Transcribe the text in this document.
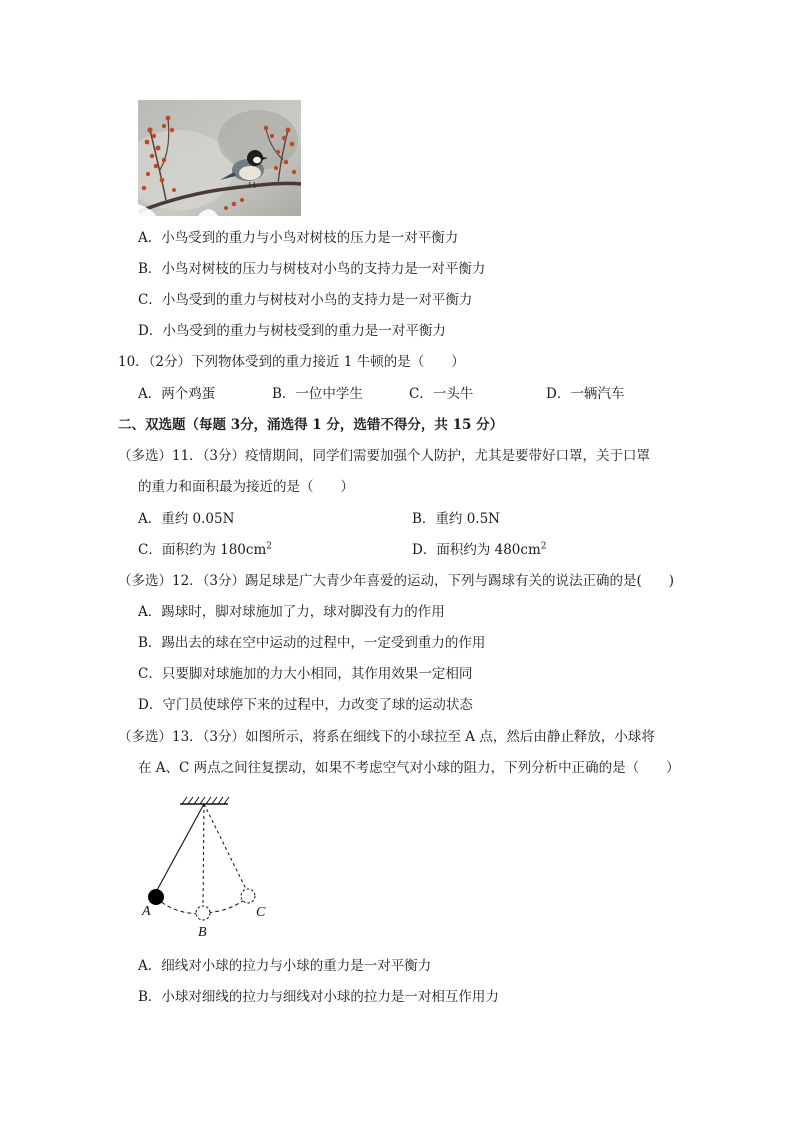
A．小鸟受到的重力与小鸟对树枝的压力是一对平衡力
B．小鸟对树枝的压力与树枝对小鸟的支持力是一对平衡力
C．小鸟受到的重力与树枝对小鸟的支持力是一对平衡力
D．小鸟受到的重力与树枝受到的重力是一对平衡力
10．（2分）下列物体受到的重力接近 1 牛顿的是（　　）
A．两个鸡蛋	B．一位中学生	C．一头牛	D．一辆汽车
二、双选题（每题 3分，涌选得 1 分，选错不得分，共 15 分）
（多选）11．（3分）疫情期间，同学们需要加强个人防护，尤其是要带好口罩，关于口罩
的重力和面积最为接近的是（　　）
A．重约 0.05N	B．重约 0.5N
C．面积约为 $180cm^2$	D．面积约为 $480cm^2$
（多选）12．（3分）踢足球是广大青少年喜爱的运动，下列与踢球有关的说法正确的是(　　)
A．踢球时，脚对球施加了力，球对脚没有力的作用
B．踢出去的球在空中运动的过程中，一定受到重力的作用
C．只要脚对球施加的力大小相同，其作用效果一定相同
D．守门员使球停下来的过程中，力改变了球的运动状态
（多选）13．（3分）如图所示，将系在细线下的小球拉至 A 点，然后由静止释放，小球将
在 A、C 两点之间往复摆动，如果不考虑空气对小球的阻力，下列分析中正确的是（　　）
A
B
C
A．细线对小球的拉力与小球的重力是一对平衡力
B．小球对细线的拉力与细线对小球的拉力是一对相互作用力
